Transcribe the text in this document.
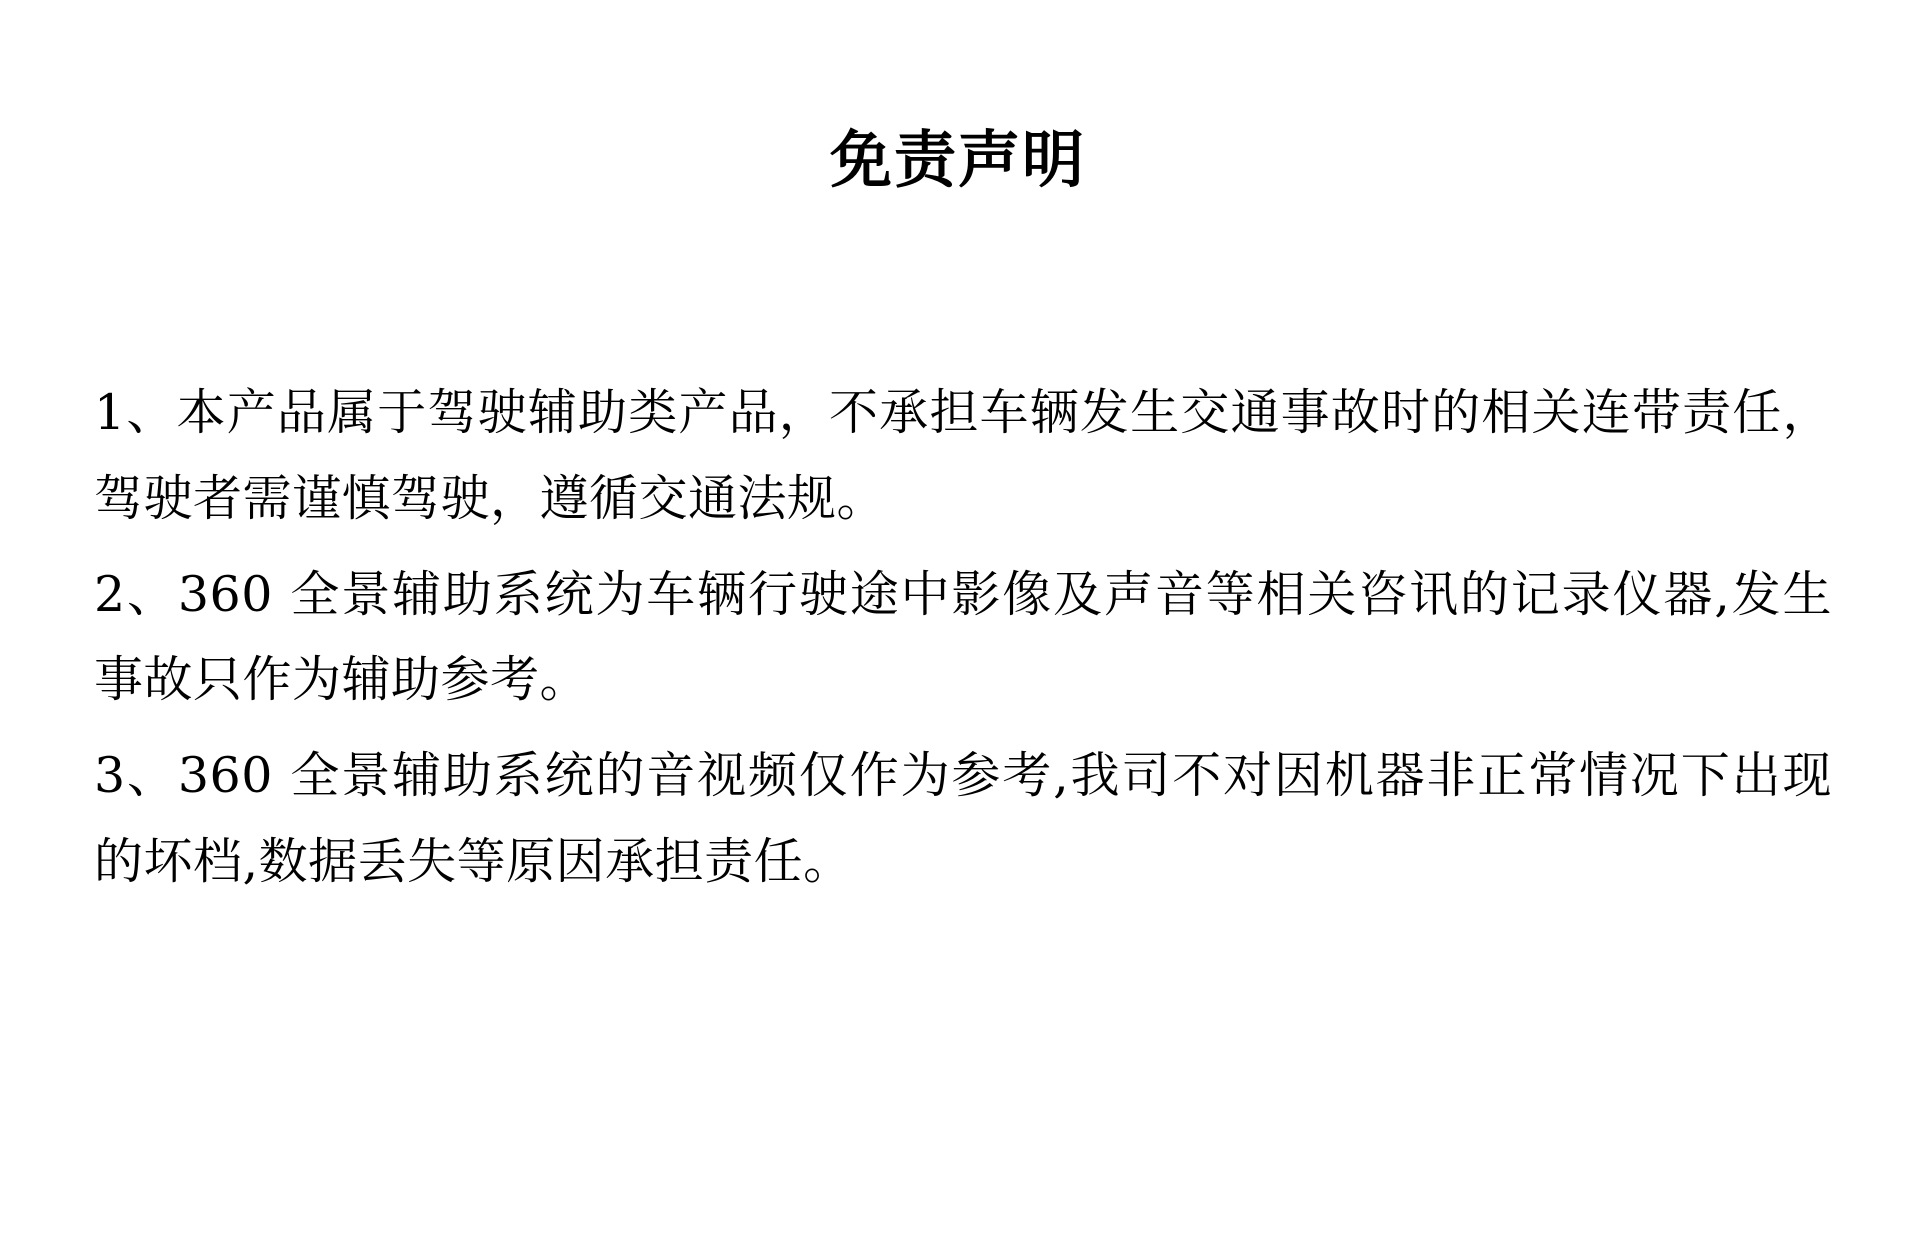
免责声明

1、本产品属于驾驶辅助类产品，不承担车辆发生交通事故时的相关连带责任，驾驶者需谨慎驾驶，遵循交通法规。

2、360 全景辅助系统为车辆行驶途中影像及声音等相关咨讯的记录仪器,发生事故只作为辅助参考。

3、360 全景辅助系统的音视频仅作为参考,我司不对因机器非正常情况下出现的坏档,数据丢失等原因承担责任。
